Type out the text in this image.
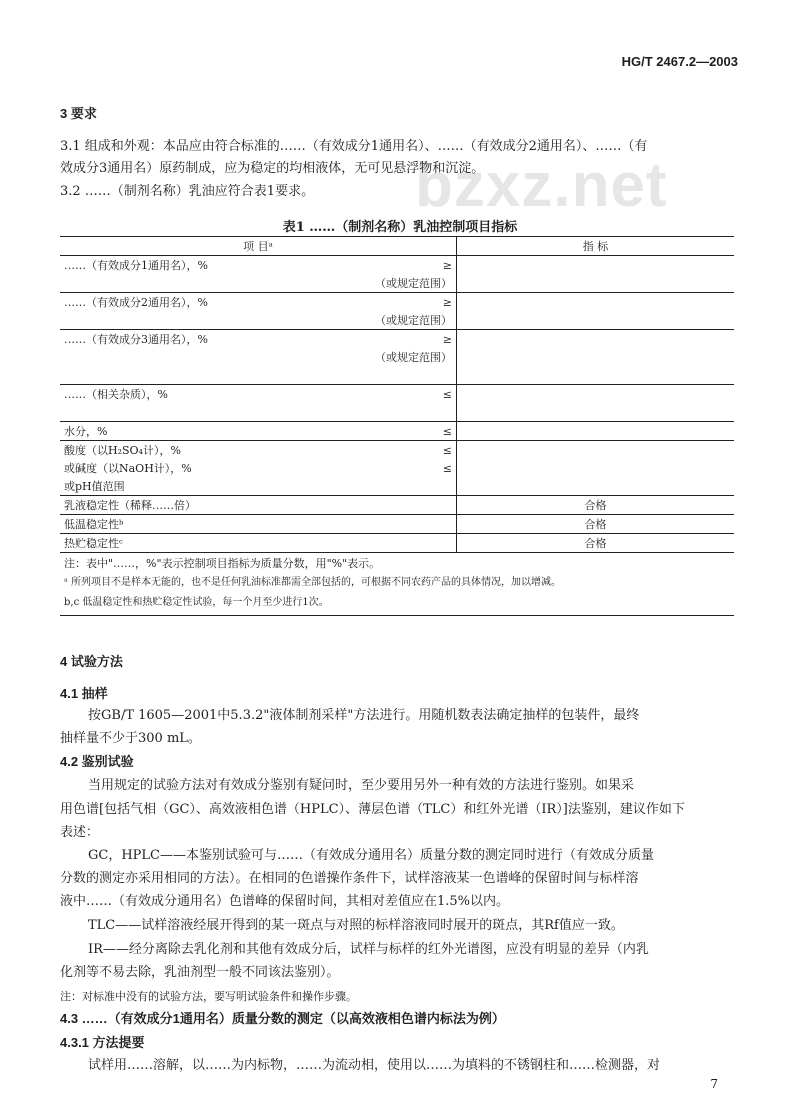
HG/T 2467.2—2003
bzxz.net
3 要求
3.1 组成和外观：本品应由符合标准的……（有效成分1通用名）、……（有效成分2通用名）、……（有
效成分3通用名）原药制成，应为稳定的均相液体，无可见悬浮物和沉淀。
3.2 ……（制剂名称）乳油应符合表1要求。
表1 ……（制剂名称）乳油控制项目指标
项 目ᵃ		指 标
……（有效成分1通用名），%	≥	
	（或规定范围）	
……（有效成分2通用名），%	≥	
	（或规定范围）	
……（有效成分3通用名），%	≥	
	（或规定范围）	

……（相关杂质），%	≤	

水分，%	≤	
酸度（以H₂SO₄计），%	≤	
或碱度（以NaOH计），%	≤	
或pH值范围		
乳液稳定性（稀释……倍）		合格
低温稳定性ᵇ		合格
热贮稳定性ᶜ		合格

注：表中"……，%"表示控制项目指标为质量分数，用"%"表示。
ᵃ 所列项目不是样本无能的，也不是任何乳油标准都需全部包括的，可根据不同农药产品的具体情况，加以增减。
b,c 低温稳定性和热贮稳定性试验，每一个月至少进行1次。		
4 试验方法
4.1 抽样
按GB/T 1605—2001中5.3.2"液体制剂采样"方法进行。用随机数表法确定抽样的包装件，最终
抽样量不少于300 mL。
4.2 鉴别试验
当用规定的试验方法对有效成分鉴别有疑问时，至少要用另外一种有效的方法进行鉴别。如果采
用色谱[包括气相（GC）、高效液相色谱（HPLC）、薄层色谱（TLC）和红外光谱（IR）]法鉴别，建议作如下
表述：
GC，HPLC——本鉴别试验可与……（有效成分通用名）质量分数的测定同时进行（有效成分质量
分数的测定亦采用相同的方法）。在相同的色谱操作条件下，试样溶液某一色谱峰的保留时间与标样溶
液中……（有效成分通用名）色谱峰的保留时间，其相对差值应在1.5%以内。
TLC——试样溶液经展开得到的某一斑点与对照的标样溶液同时展开的斑点，其Rf值应一致。
IR——经分离除去乳化剂和其他有效成分后，试样与标样的红外光谱图，应没有明显的差异（内乳
化剂等不易去除，乳油剂型一般不同该法鉴别）。
注：对标准中没有的试验方法，要写明试验条件和操作步骤。
4.3 ……（有效成分1通用名）质量分数的测定（以高效液相色谱内标法为例）
4.3.1 方法提要
试样用……溶解，以……为内标物，……为流动相，使用以……为填料的不锈钢柱和……检测器，对
7
